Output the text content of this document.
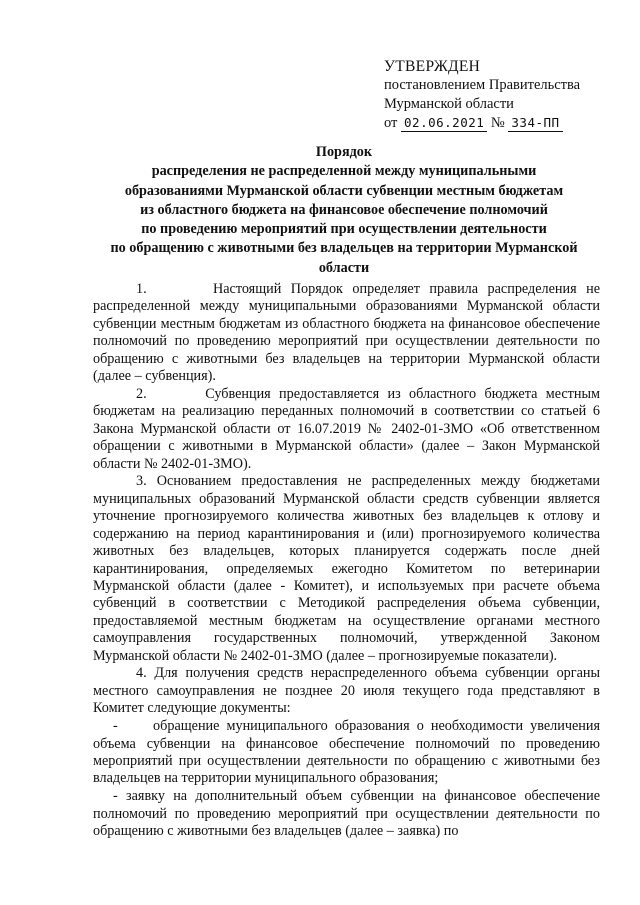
УТВЕРЖДЕН
постановлением Правительства
Мурманской области
от 02.06.2021 № 334-ПП
Порядок
распределения не распределенной между муниципальными
образованиями Мурманской области субвенции местным бюджетам
из областного бюджета на финансовое обеспечение полномочий
по проведению мероприятий при осуществлении деятельности
по обращению с животными без владельцев на территории Мурманской
области

1.       Настоящий Порядок определяет правила распределения не распределенной между муниципальными образованиями Мурманской области субвенции местным бюджетам из областного бюджета на финансовое обеспечение полномочий по проведению мероприятий при осуществлении деятельности по обращению с животными без владельцев на территории Мурманской области (далее – субвенция).

2.       Субвенция предоставляется из областного бюджета местным бюджетам на реализацию переданных полномочий в соответствии со статьей 6 Закона Мурманской области от 16.07.2019 № 2402-01-ЗМО «Об ответственном обращении с животными в Мурманской области» (далее – Закон Мурманской области № 2402-01-ЗМО).

3. Основанием предоставления не распределенных между бюджетами муниципальных образований Мурманской области средств субвенции является уточнение прогнозируемого количества животных без владельцев к отлову и содержанию на период карантинирования и (или) прогнозируемого количества животных без владельцев, которых планируется содержать после дней карантинирования, определяемых ежегодно Комитетом по ветеринарии Мурманской области (далее - Комитет), и используемых при расчете объема субвенций в соответствии с Методикой распределения объема субвенции, предоставляемой местным бюджетам на осуществление органами местного самоуправления государственных полномочий, утвержденной Законом Мурманской области № 2402-01-ЗМО (далее – прогнозируемые показатели).

4. Для получения средств нераспределенного объема субвенции органы местного самоуправления не позднее 20 июля текущего года представляют в Комитет следующие документы:

-     обращение муниципального образования о необходимости увеличения объема субвенции на финансовое обеспечение полномочий по проведению мероприятий при осуществлении деятельности по обращению с животными без владельцев на территории муниципального образования;

- заявку на дополнительный объем субвенции на финансовое обеспечение полномочий по проведению мероприятий при осуществлении деятельности по обращению с животными без владельцев (далее – заявка) по
